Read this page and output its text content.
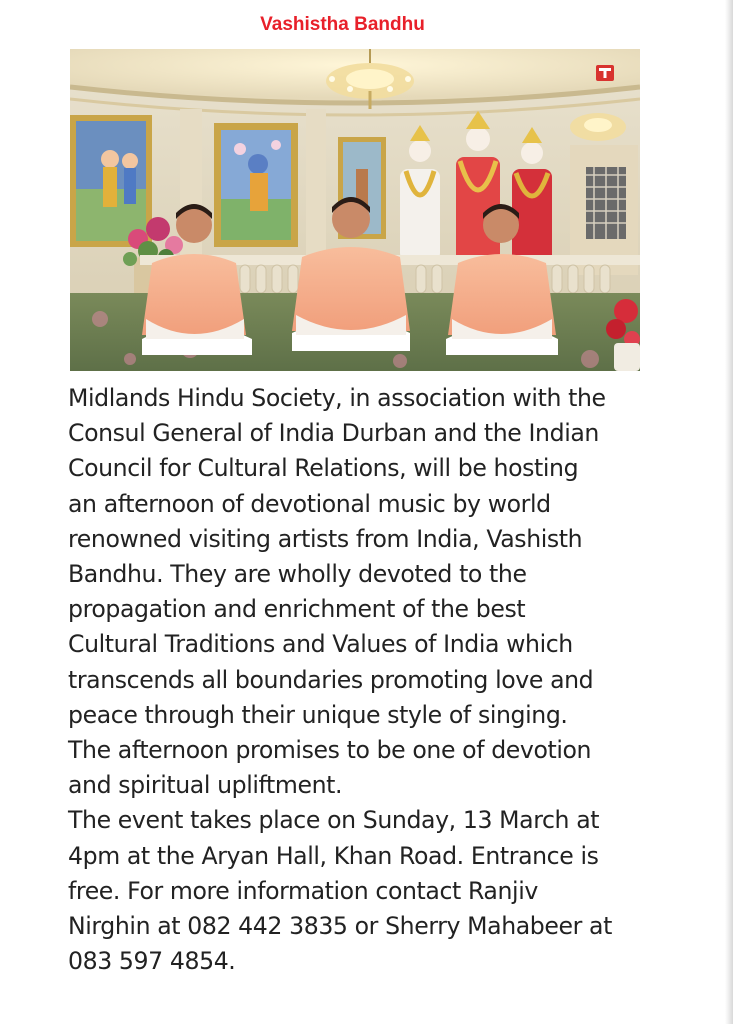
Vashistha Bandhu

Midlands Hindu Society, in association with the
Consul General of India Durban and the Indian
Council for Cultural Relations, will be hosting
an afternoon of devotional music by world
renowned visiting artists from India, Vashisth
Bandhu. They are wholly devoted to the
propagation and enrichment of the best
Cultural Traditions and Values of India which
transcends all boundaries promoting love and
peace through their unique style of singing.
The afternoon promises to be one of devotion
and spiritual upliftment.

The event takes place on Sunday, 13 March at
4pm at the Aryan Hall, Khan Road. Entrance is
free. For more information contact Ranjiv
Nirghin at 082 442 3835 or Sherry Mahabeer at
083 597 4854.
